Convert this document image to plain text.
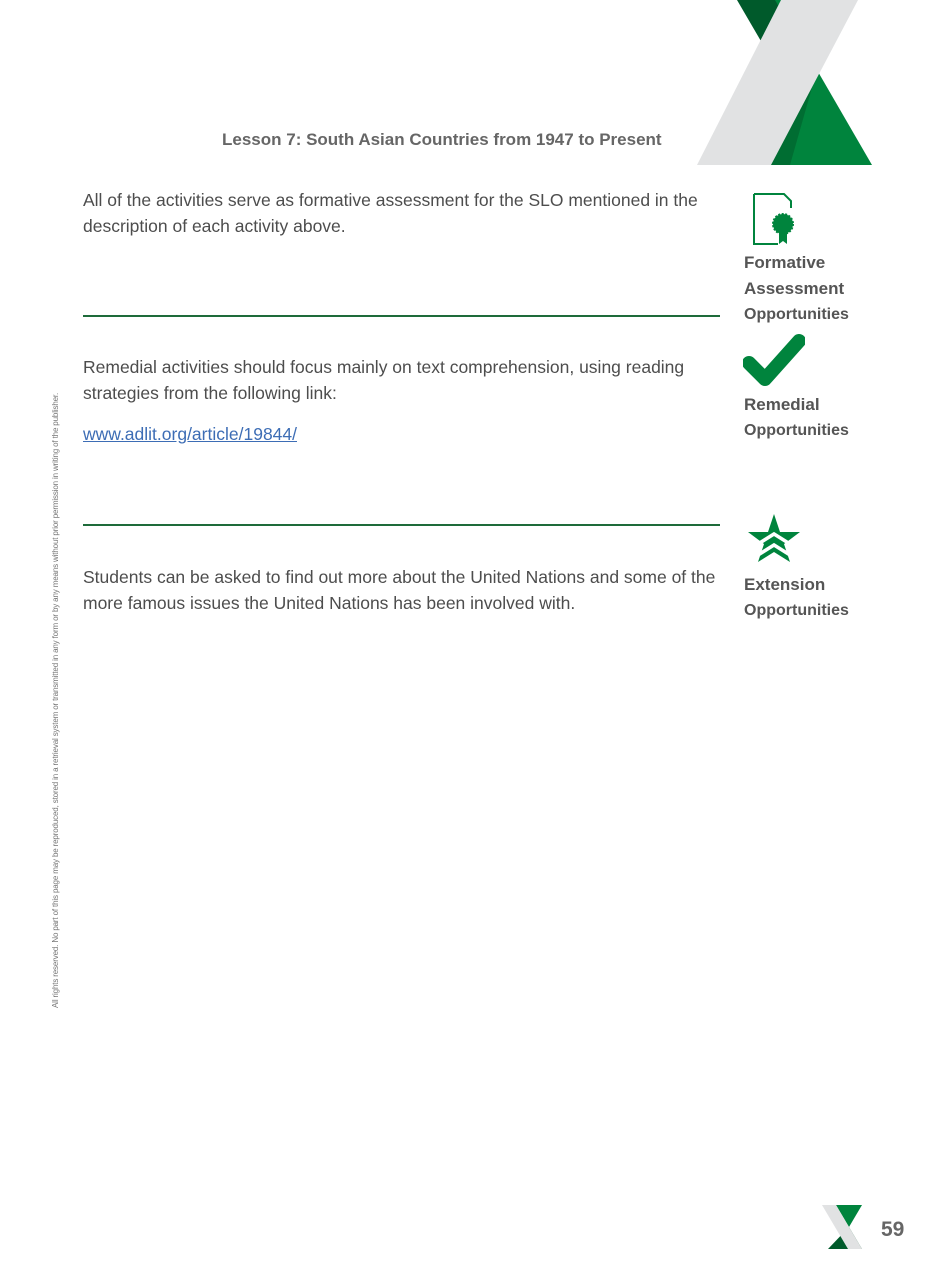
Lesson 7: South Asian Countries from 1947 to Present
All rights reserved. No part of this page may be reproduced, stored in a retrieval system or transmitted in any form or by any means without prior permission in writing of the publisher.
All of the activities serve as formative assessment for the SLO mentioned in the description of each activity above.
Formative
Assessment
Opportunities
Remedial activities should focus mainly on text comprehension, using reading strategies from the following link:
www.adlit.org/article/19844/
Remedial
Opportunities
Students can be asked to find out more about the United Nations and some of the more famous issues the United Nations has been involved with.
Extension
Opportunities
59
